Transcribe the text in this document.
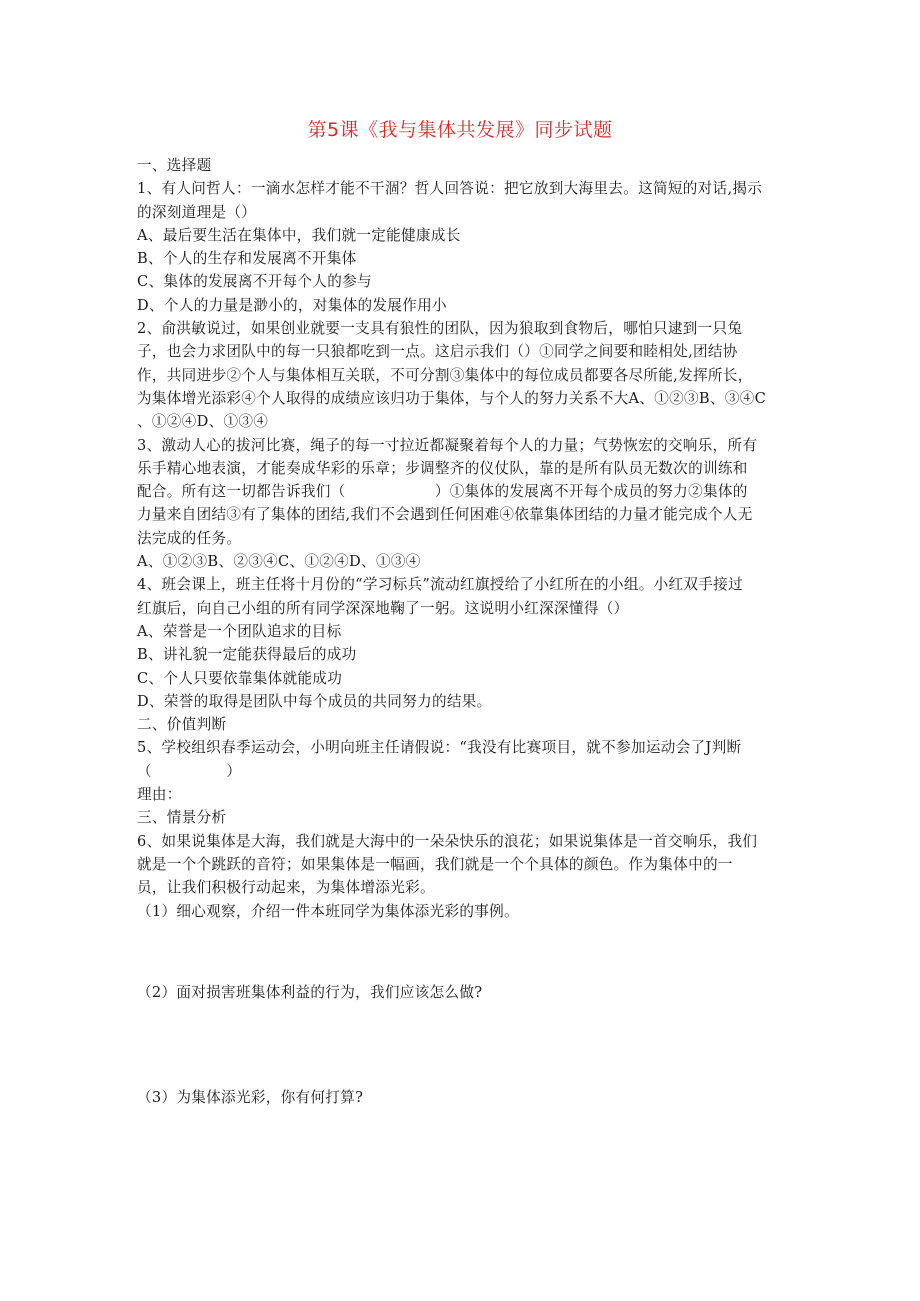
第5课《我与集体共发展》同步试题
一、选择题
1、有人问哲人：一滴水怎样才能不干涸？哲人回答说：把它放到大海里去。这简短的对话,揭示
的深刻道理是（）
A、最后要生活在集体中，我们就一定能健康成长
B、个人的生存和发展离不开集体
C、集体的发展离不开每个人的参与
D、个人的力量是渺小的，对集体的发展作用小
2、俞洪敏说过，如果创业就要一支具有狼性的团队，因为狼取到食物后，哪怕只逮到一只兔
子，也会力求团队中的每一只狼都吃到一点。这启示我们（）①同学之间要和睦相处,团结协
作，共同进步②个人与集体相互关联，不可分割③集体中的每位成员都要各尽所能,发挥所长，
为集体增光添彩④个人取得的成绩应该归功于集体，与个人的努力关系不大A、①②③B、③④C
、①②④D、①③④
3、激动人心的拔河比赛，绳子的每一寸拉近都凝聚着每个人的力量；气势恢宏的交响乐，所有
乐手精心地表演，才能奏成华彩的乐章；步调整齐的仪仗队，靠的是所有队员无数次的训练和
配合。所有这一切都告诉我们（　　　　　　）①集体的发展离不开每个成员的努力②集体的
力量来自团结③有了集体的团结,我们不会遇到任何困难④依靠集体团结的力量才能完成个人无
法完成的任务。
A、①②③B、②③④C、①②④D、①③④
4、班会课上，班主任将十月份的“学习标兵”流动红旗授给了小红所在的小组。小红双手接过
红旗后，向自己小组的所有同学深深地鞠了一躬。这说明小红深深懂得（）
A、荣誉是一个团队追求的目标
B、讲礼貌一定能获得最后的成功
C、个人只要依靠集体就能成功
D、荣誉的取得是团队中每个成员的共同努力的结果。
二、价值判断
5、学校组织春季运动会，小明向班主任请假说：“我没有比赛项目，就不参加运动会了J判断
（　　　　　）
理由：
三、情景分析
6、如果说集体是大海，我们就是大海中的一朵朵快乐的浪花；如果说集体是一首交响乐，我们
就是一个个跳跃的音符；如果集体是一幅画，我们就是一个个具体的颜色。作为集体中的一
员，让我们积极行动起来，为集体增添光彩。
（1）细心观察，介绍一件本班同学为集体添光彩的事例。
（2）面对损害班集体利益的行为，我们应该怎么做?
（3）为集体添光彩，你有何打算?
